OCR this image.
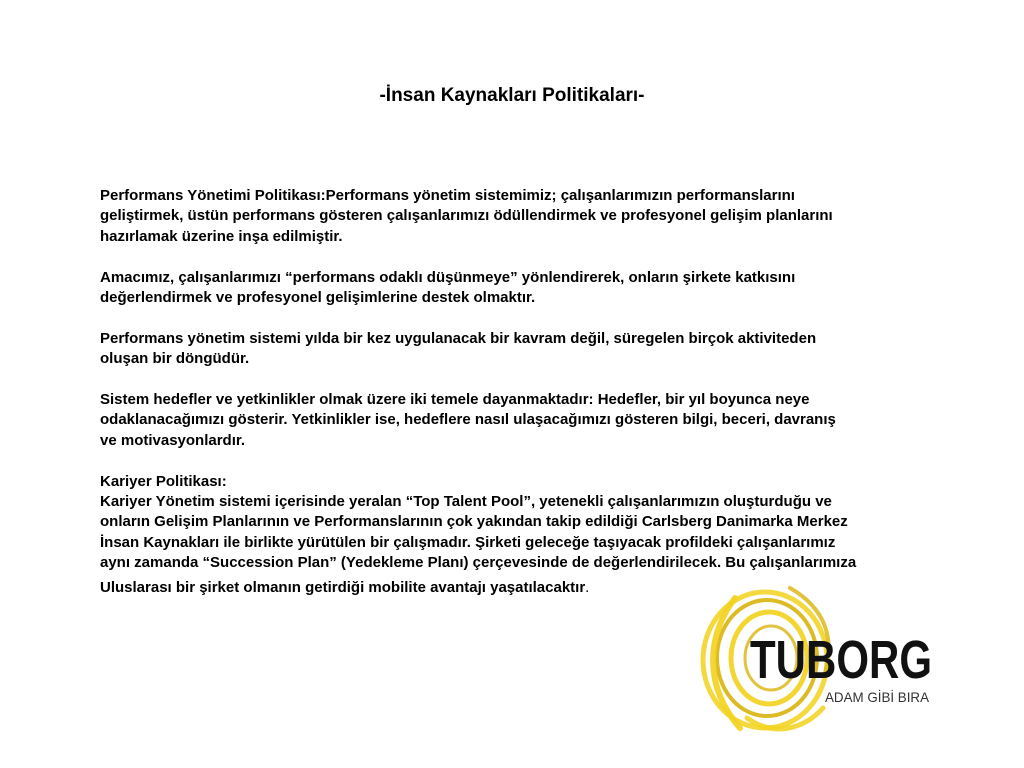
-İnsan Kaynakları Politikaları-

Performans Yönetimi Politikası:Performans yönetim sistemimiz; çalışanlarımızın performanslarını
geliştirmek, üstün performans gösteren çalışanlarımızı ödüllendirmek ve profesyonel gelişim planlarını
hazırlamak üzerine inşa edilmiştir.

Amacımız, çalışanlarımızı “performans odaklı düşünmeye” yönlendirerek, onların şirkete katkısını
değerlendirmek ve profesyonel gelişimlerine destek olmaktır.

Performans yönetim sistemi yılda bir kez uygulanacak bir kavram değil, süregelen birçok aktiviteden
oluşan bir döngüdür.

Sistem hedefler ve yetkinlikler olmak üzere iki temele dayanmaktadır: Hedefler, bir yıl boyunca neye
odaklanacağımızı gösterir. Yetkinlikler ise, hedeflere nasıl ulaşacağımızı gösteren bilgi, beceri, davranış
ve motivasyonlardır.

Kariyer Politikası:
Kariyer Yönetim sistemi içerisinde yeralan “Top Talent Pool”, yetenekli çalışanlarımızın oluşturduğu ve
onların Gelişim Planlarının ve Performanslarının çok yakından takip edildiği Carlsberg Danimarka Merkez
İnsan Kaynakları ile birlikte yürütülen bir çalışmadır. Şirketi geleceğe taşıyacak profildeki çalışanlarımız
aynı zamanda “Succession Plan” (Yedekleme Planı) çerçevesinde de değerlendirilecek. Bu çalışanlarımıza
Uluslarası bir şirket olmanın getirdiği mobilite avantajı yaşatılacaktır.
TUBORG
ADAM GİBİ BIRA
